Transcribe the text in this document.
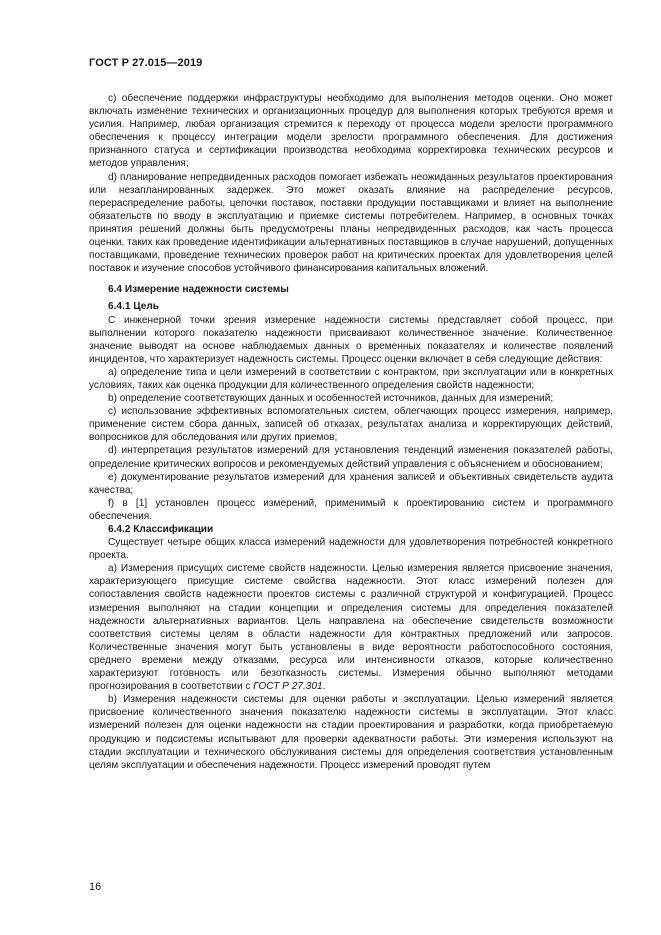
ГОСТ Р 27.015—2019

c) обеспечение поддержки инфраструктуры необходимо для выполнения методов оценки. Оно может включать изменение технических и организационных процедур для выполнения которых требуются время и усилия. Например, любая организация стремится к переходу от процесса модели зрелости программного обеспечения к процессу интеграции модели зрелости программного обеспечения. Для достижения признанного статуса и сертификации производства необходима корректировка технических ресурсов и методов управления;

d) планирование непредвиденных расходов помогает избежать неожиданных результатов проектирования или незапланированных задержек. Это может оказать влияние на распределение ресурсов, перераспределение работы, цепочки поставок, поставки продукции поставщиками и влияет на выполнение обязательств по вводу в эксплуатацию и приемке системы потребителем. Например, в основных точках принятия решений должны быть предусмотрены планы непредвиденных расходов, как часть процесса оценки, таких как проведение идентификации альтернативных поставщиков в случае нарушений, допущенных поставщиками, проведение технических проверок работ на критических проектах для удовлетворения целей поставок и изучение способов устойчивого финансирования капитальных вложений.

6.4 Измерение надежности системы

6.4.1 Цель

С инженерной точки зрения измерение надежности системы представляет собой процесс, при выполнении которого показателю надежности присваивают количественное значение. Количественное значение выводят на основе наблюдаемых данных о временных показателях и количестве появлений инцидентов, что характеризует надежность системы. Процесс оценки включает в себя следующие действия:

a) определение типа и цели измерений в соответствии с контрактом, при эксплуатации или в конкретных условиях, таких как оценка продукции для количественного определения свойств надежности;

b) определение соответствующих данных и особенностей источников, данных для измерений;

c) использование эффективных вспомогательных систем, облегчающих процесс измерения, например, применение систем сбора данных, записей об отказах, результатах анализа и корректирующих действий, вопросников для обследования или других приемов;

d) интерпретация результатов измерений для установления тенденций изменения показателей работы, определение критических вопросов и рекомендуемых действий управления с объяснением и обоснованием;

e) документирование результатов измерений для хранения записей и объективных свидетельств аудита качества;

f) в [1] установлен процесс измерений, применимый к проектированию систем и программного обеспечения.

6.4.2 Классификации

Существует четыре общих класса измерений надежности для удовлетворения потребностей конкретного проекта.

a) Измерения присущих системе свойств надежности. Целью измерения является присвоение значения, характеризующего присущие системе свойства надежности. Этот класс измерений полезен для сопоставления свойств надежности проектов системы с различной структурой и конфигурацией. Процесс измерения выполняют на стадии концепции и определения системы для определения показателей надежности альтернативных вариантов. Цель направлена на обеспечение свидетельств возможности соответствия системы целям в области надежности для контрактных предложений или запросов. Количественные значения могут быть установлены в виде вероятности работоспособного состояния, среднего времени между отказами, ресурса или интенсивности отказов, которые количественно характеризуют готовность или безотказность системы. Измерения обычно выполняют методами прогнозирования в соответствии с ГОСТ Р 27.301.

b) Измерения надежности системы для оценки работы и эксплуатации. Целью измерений является присвоение количественного значения показателю надежности системы в эксплуатации. Этот класс измерений полезен для оценки надежности на стадии проектирования и разработки, когда приобретаемую продукцию и подсистемы испытывают для проверки адекватности работы. Эти измерения используют на стадии эксплуатации и технического обслуживания системы для определения соответствия установленным целям эксплуатации и обеспечения надежности. Процесс измерений проводят путем

16
